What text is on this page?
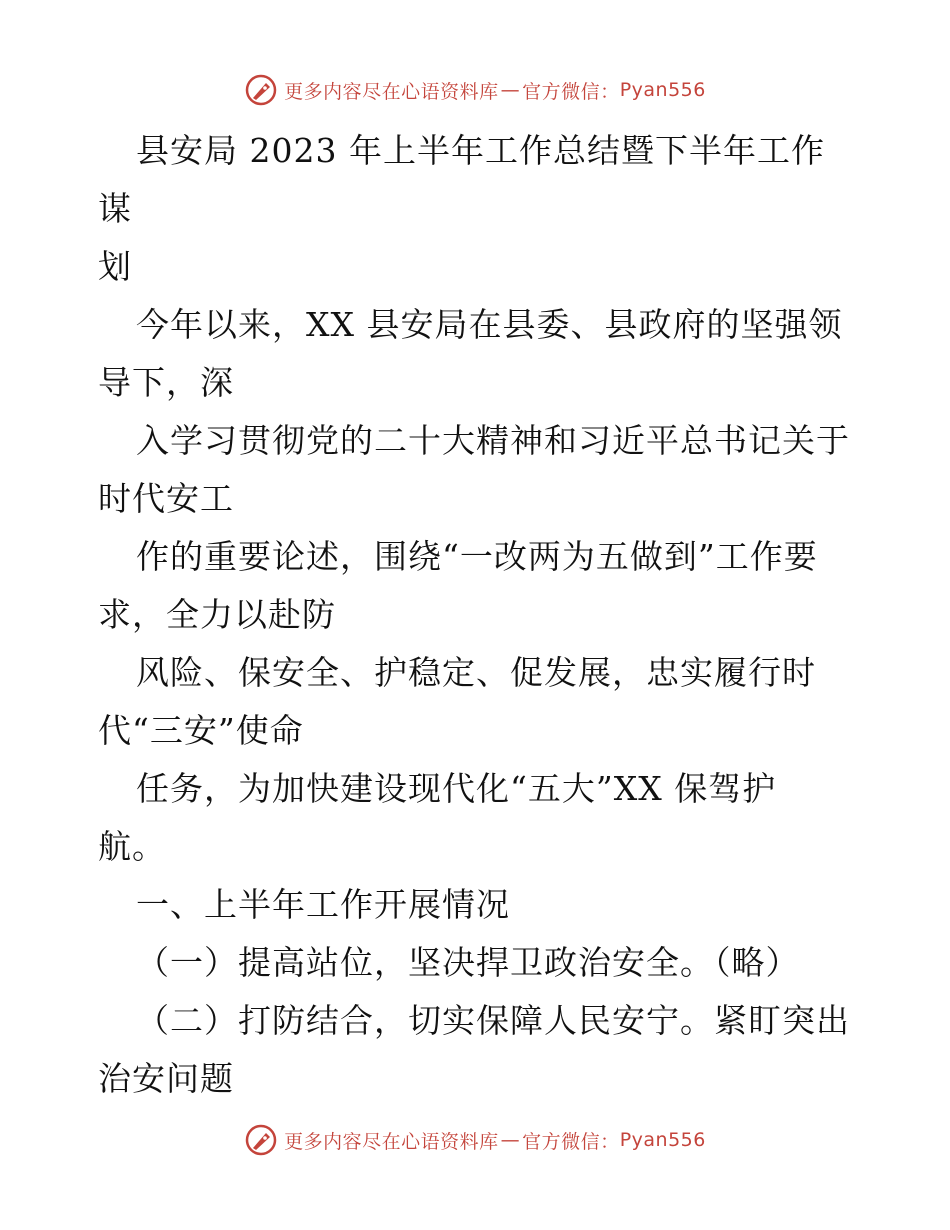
更多内容尽在心语资料库 — 官方微信： Pyan556

县安局 2023 年上半年工作总结暨下半年工作谋

划

今年以来，XX 县安局在县委、县政府的坚强领

导下，深

入学习贯彻党的二十大精神和习近平总书记关于

时代安工

作的重要论述，围绕“一改两为五做到”工作要

求，全力以赴防

风险、保安全、护稳定、促发展，忠实履行时

代“三安”使命

任务，为加快建设现代化“五大”XX 保驾护

航。

一、上半年工作开展情况

（一）提高站位，坚决捍卫政治安全。（略）

（二）打防结合，切实保障人民安宁。紧盯突出

治安问题

更多内容尽在心语资料库 — 官方微信： Pyan556
